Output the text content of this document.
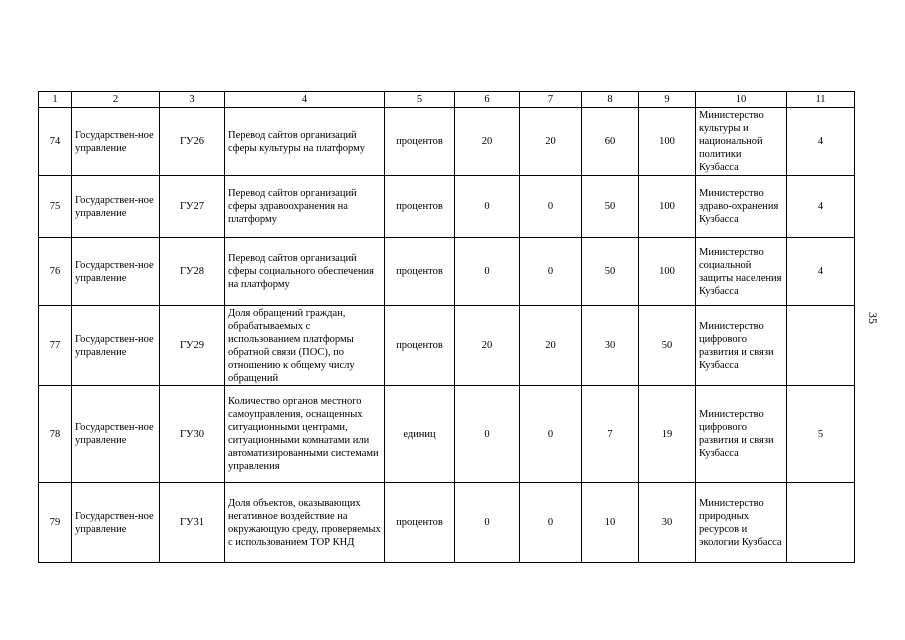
1	2	3	4	5	6	7	8	9	10	11
74	Государствен-ное управление	ГУ26	Перевод сайтов организаций сферы культуры на платформу	процентов	20	20	60	100	Министерство культуры и национальной политики Кузбасса	4
75	Государствен-ное управление	ГУ27	Перевод сайтов организаций сферы здравоохранения на платформу	процентов	0	0	50	100	Министерство здраво-охранения Кузбасса	4
76	Государствен-ное управление	ГУ28	Перевод сайтов организаций сферы социального обеспечения на платформу	процентов	0	0	50	100	Министерство социальной защиты населения Кузбасса	4
77	Государствен-ное управление	ГУ29	Доля обращений граждан, обрабатываемых с использованием платформы обратной связи (ПОС), по отношению к общему числу обращений	процентов	20	20	30	50	Министерство цифрового развития и связи Кузбасса	
78	Государствен-ное управление	ГУ30	Количество органов местного самоуправления, оснащенных ситуационными центрами, ситуационными комнатами или автоматизированными системами управления	единиц	0	0	7	19	Министерство цифрового развития и связи Кузбасса	5
79	Государствен-ное управление	ГУ31	Доля объектов, оказывающих негативное воздействие на окружающую среду, проверяемых с использованием ТОР КНД	процентов	0	0	10	30	Министерство природных ресурсов и экологии Кузбасса	
35
